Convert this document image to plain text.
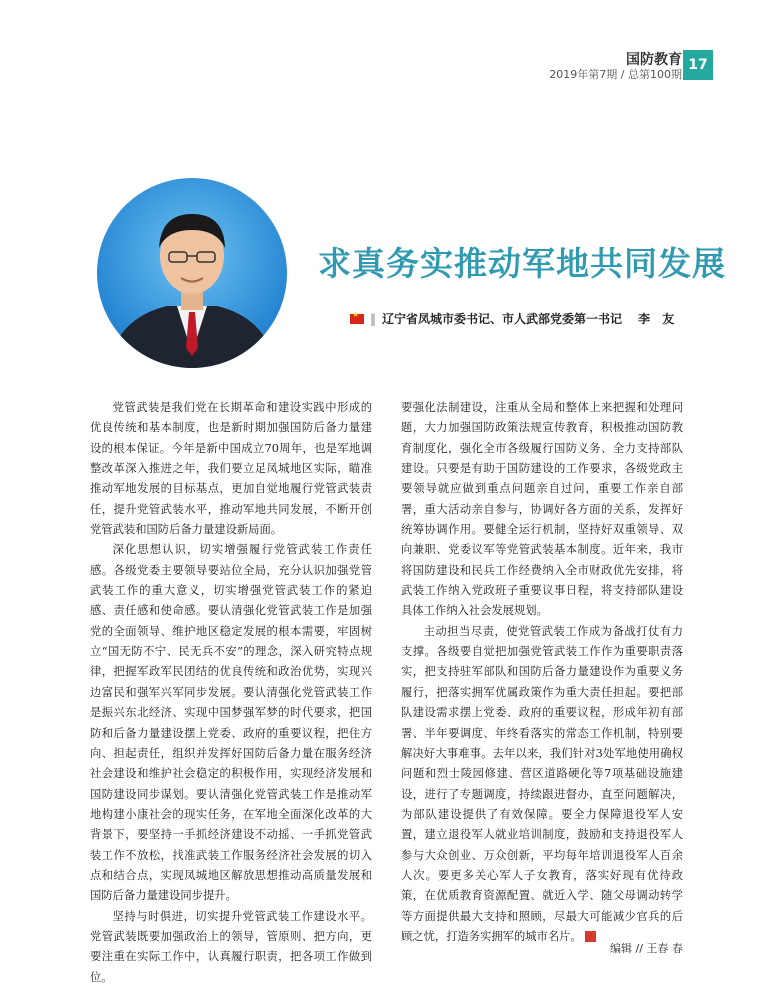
国防教育
2019年第7期 / 总第100期
17
求真务实推动军地共同发展
★
‖ 辽宁省凤城市委书记、市人武部党委第一书记 李 友

党管武装是我们党在长期革命和建设实践中形成的优良传统和基本制度，也是新时期加强国防后备力量建设的根本保证。今年是新中国成立70周年，也是军地调整改革深入推进之年，我们要立足凤城地区实际，瞄准推动军地发展的目标基点，更加自觉地履行党管武装责任，提升党管武装水平，推动军地共同发展，不断开创党管武装和国防后备力量建设新局面。

深化思想认识，切实增强履行党管武装工作责任感。各级党委主要领导要站位全局，充分认识加强党管武装工作的重大意义，切实增强党管武装工作的紧迫感、责任感和使命感。要认清强化党管武装工作是加强党的全面领导、维护地区稳定发展的根本需要，牢固树立“国无防不宁、民无兵不安”的理念，深入研究特点规律，把握军政军民团结的优良传统和政治优势，实现兴边富民和强军兴军同步发展。要认清强化党管武装工作是振兴东北经济、实现中国梦强军梦的时代要求，把国防和后备力量建设摆上党委、政府的重要议程，把住方向、担起责任，组织并发挥好国防后备力量在服务经济社会建设和维护社会稳定的积极作用，实现经济发展和国防建设同步谋划。要认清强化党管武装工作是推动军地构建小康社会的现实任务，在军地全面深化改革的大背景下，要坚持一手抓经济建设不动摇、一手抓党管武装工作不放松，找准武装工作服务经济社会发展的切入点和结合点，实现凤城地区解放思想推动高质量发展和国防后备力量建设同步提升。

坚持与时俱进，切实提升党管武装工作建设水平。党管武装既要加强政治上的领导，管原则、把方向，更要注重在实际工作中，认真履行职责，把各项工作做到位。

要强化法制建设，注重从全局和整体上来把握和处理问题，大力加强国防政策法规宣传教育，积极推动国防教育制度化，强化全市各级履行国防义务、全力支持部队建设。只要是有助于国防建设的工作要求，各级党政主要领导就应做到重点问题亲自过问，重要工作亲自部署，重大活动亲自参与，协调好各方面的关系，发挥好统筹协调作用。要健全运行机制，坚持好双重领导、双向兼职、党委议军等党管武装基本制度。近年来，我市将国防建设和民兵工作经费纳入全市财政优先安排，将武装工作纳入党政班子重要议事日程，将支持部队建设具体工作纳入社会发展规划。

主动担当尽责，使党管武装工作成为备战打仗有力支撑。各级要自觉把加强党管武装工作作为重要职责落实，把支持驻军部队和国防后备力量建设作为重要义务履行，把落实拥军优属政策作为重大责任担起。要把部队建设需求摆上党委、政府的重要议程，形成年初有部署、半年要调度、年终看落实的常态工作机制，特别要解决好大事难事。去年以来，我们针对3处军地使用确权问题和烈士陵园修建、营区道路硬化等7项基础设施建设，进行了专题调度，持续跟进督办，直至问题解决，为部队建设提供了有效保障。要全力保障退役军人安置，建立退役军人就业培训制度，鼓励和支持退役军人参与大众创业、万众创新，平均每年培训退役军人百余人次。要更多关心军人子女教育，落实好现有优待政策，在优质教育资源配置、就近入学、随父母调动转学等方面提供最大支持和照顾，尽最大可能减少官兵的后顾之忧，打造务实拥军的城市名片。	G

编辑 // 王春 春
